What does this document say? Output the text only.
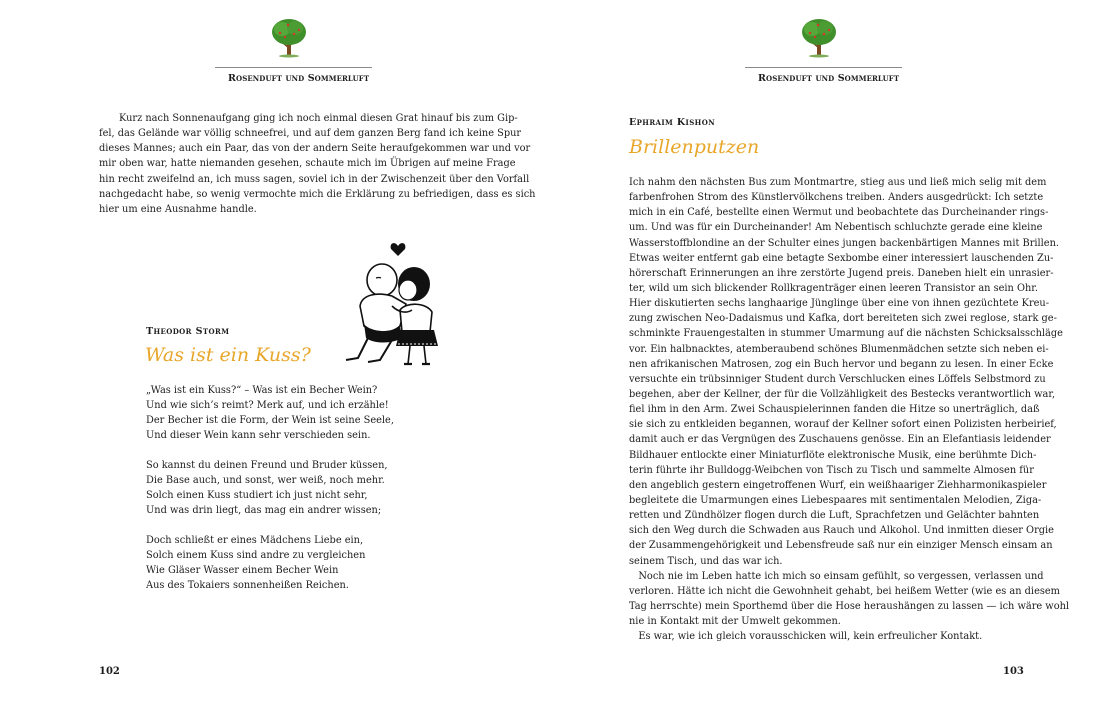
Rosenduft und Sommerluft
Kurz nach Sonnenaufgang ging ich noch einmal diesen Grat hinauf bis zum Gip-
fel, das Gelände war völlig schneefrei, und auf dem ganzen Berg fand ich keine Spur
dieses Mannes; auch ein Paar, das von der andern Seite heraufgekommen war und vor
mir oben war, hatte niemanden gesehen, schaute mich im Übrigen auf meine Frage
hin recht zweifelnd an, ich muss sagen, soviel ich in der Zwischenzeit über den Vorfall
nachgedacht habe, so wenig vermochte mich die Erklärung zu befriedigen, dass es sich
hier um eine Ausnahme handle.
Theodor Storm
Was ist ein Kuss?
„Was ist ein Kuss?“ – Was ist ein Becher Wein?
Und wie sich’s reimt? Merk auf, und ich erzähle!
Der Becher ist die Form, der Wein ist seine Seele,
Und dieser Wein kann sehr verschieden sein.
So kannst du deinen Freund und Bruder küssen,
Die Base auch, und sonst, wer weiß, noch mehr.
Solch einen Kuss studiert ich just nicht sehr,
Und was drin liegt, das mag ein andrer wissen;
Doch schließt er eines Mädchens Liebe ein,
Solch einem Kuss sind andre zu vergleichen
Wie Gläser Wasser einem Becher Wein
Aus des Tokaiers sonnenheißen Reichen.
102
Rosenduft und Sommerluft
Ephraim Kishon
Brillenputzen
Ich nahm den nächsten Bus zum Montmartre, stieg aus und ließ mich selig mit dem
farbenfrohen Strom des Künstlervölkchens treiben. Anders ausgedrückt: Ich setzte
mich in ein Café, bestellte einen Wermut und beobachtete das Durcheinander rings-
um. Und was für ein Durcheinander! Am Nebentisch schluchzte gerade eine kleine
Wasserstoffblondine an der Schulter eines jungen backenbärtigen Mannes mit Brillen.
Etwas weiter entfernt gab eine betagte Sexbombe einer interessiert lauschenden Zu-
hörerschaft Erinnerungen an ihre zerstörte Jugend preis. Daneben hielt ein unrasier-
ter, wild um sich blickender Rollkragenträger einen leeren Transistor an sein Ohr.
Hier diskutierten sechs langhaarige Jünglinge über eine von ihnen gezüchtete Kreu-
zung zwischen Neo-Dadaismus und Kafka, dort bereiteten sich zwei reglose, stark ge-
schminkte Frauengestalten in stummer Umarmung auf die nächsten Schicksalsschläge
vor. Ein halbnacktes, atemberaubend schönes Blumenmädchen setzte sich neben ei-
nen afrikanischen Matrosen, zog ein Buch hervor und begann zu lesen. In einer Ecke
versuchte ein trübsinniger Student durch Verschlucken eines Löffels Selbstmord zu
begehen, aber der Kellner, der für die Vollzähligkeit des Bestecks verantwortlich war,
fiel ihm in den Arm. Zwei Schauspielerinnen fanden die Hitze so unerträglich, daß
sie sich zu entkleiden begannen, worauf der Kellner sofort einen Polizisten herbeirief,
damit auch er das Vergnügen des Zuschauens genösse. Ein an Elefantiasis leidender
Bildhauer entlockte einer Miniaturflöte elektronische Musik, eine berühmte Dich-
terin führte ihr Bulldogg-Weibchen von Tisch zu Tisch und sammelte Almosen für
den angeblich gestern eingetroffenen Wurf, ein weißhaariger Ziehharmonikaspieler
begleitete die Umarmungen eines Liebespaares mit sentimentalen Melodien, Ziga-
retten und Zündhölzer flogen durch die Luft, Sprachfetzen und Gelächter bahnten
sich den Weg durch die Schwaden aus Rauch und Alkohol. Und inmitten dieser Orgie
der Zusammengehörigkeit und Lebensfreude saß nur ein einziger Mensch einsam an
seinem Tisch, und das war ich.
Noch nie im Leben hatte ich mich so einsam gefühlt, so vergessen, verlassen und
verloren. Hätte ich nicht die Gewohnheit gehabt, bei heißem Wetter (wie es an diesem
Tag herrschte) mein Sporthemd über die Hose heraushängen zu lassen — ich wäre wohl
nie in Kontakt mit der Umwelt gekommen.
Es war, wie ich gleich vorausschicken will, kein erfreulicher Kontakt.
103
